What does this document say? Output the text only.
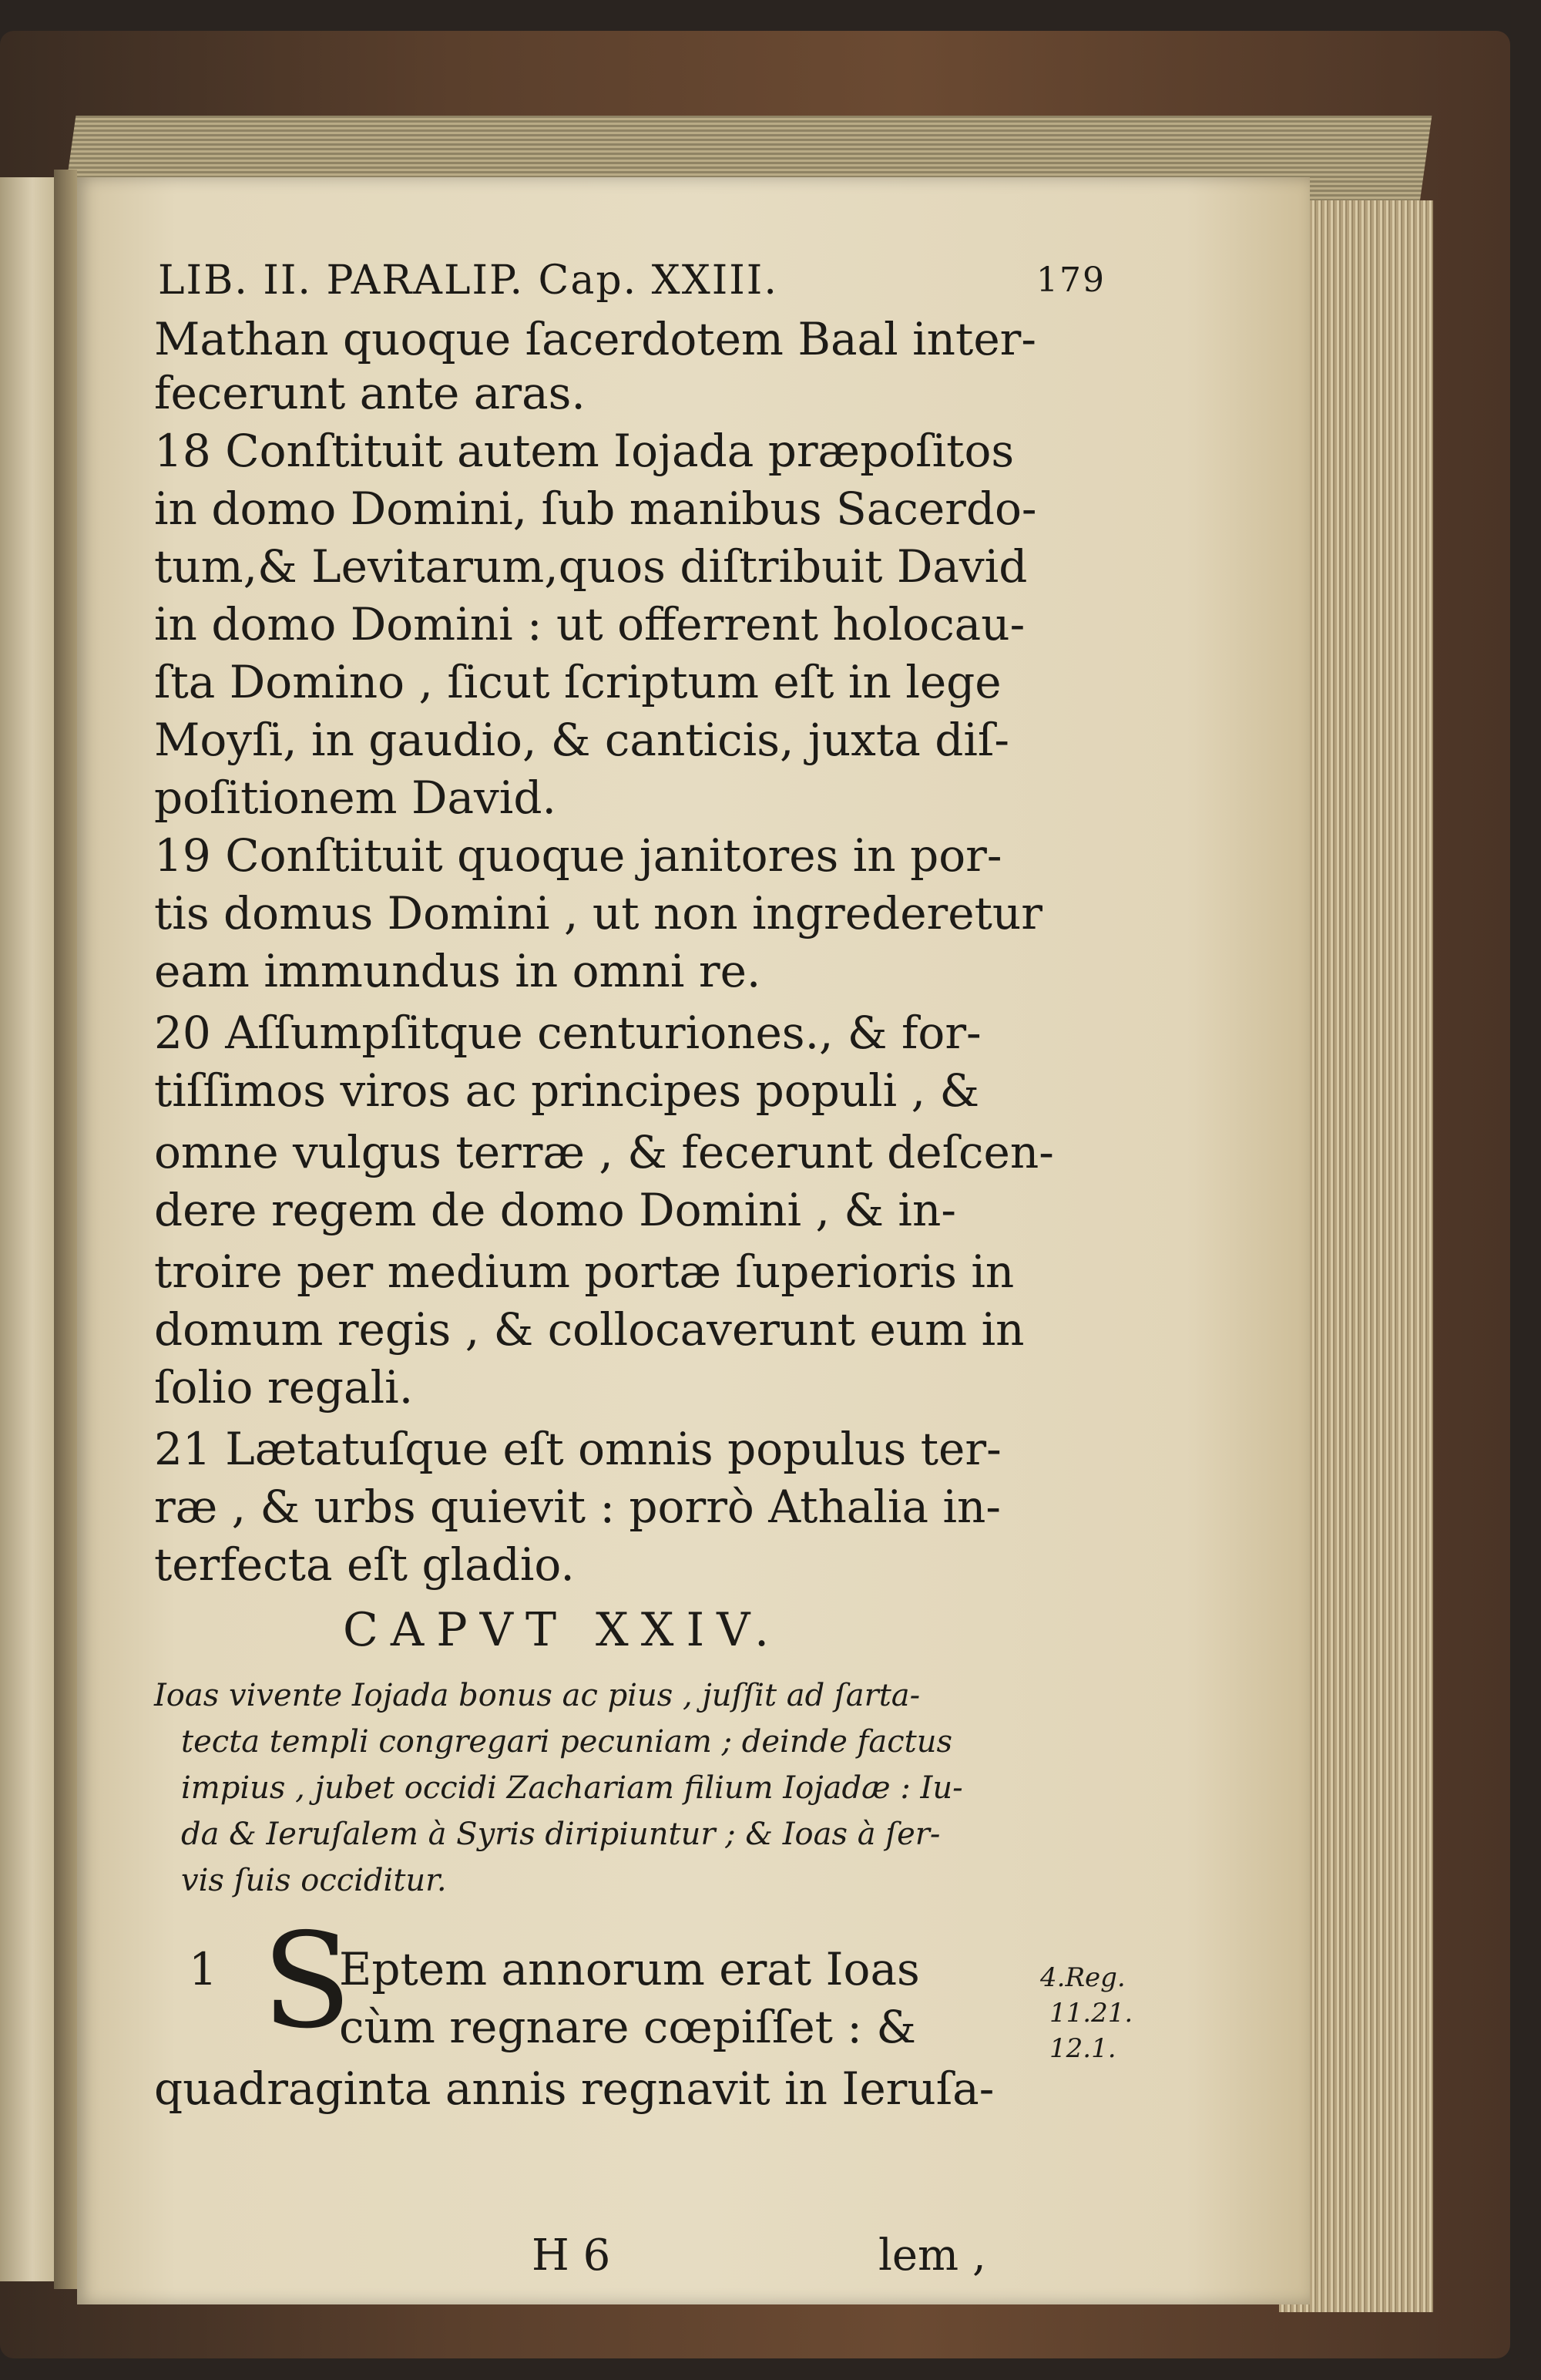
LIB. II. PARALIP. Cap. XXIII.	179
Mathan quoque ſacerdotem Baal inter-
fecerunt ante aras.
18 Conſtituit autem Iojada præpoſitos
in domo Domini, ſub manibus Sacerdo-
tum,& Levitarum,quos diſtribuit David
in domo Domini : ut offerrent holocau-
ſta Domino , ſicut ſcriptum eſt in lege
Moyſi, in gaudio, & canticis, juxta diſ-
poſitionem David.
19 Conſtituit quoque janitores in por-
tis domus Domini , ut non ingrederetur
eam immundus in omni re.
20 Aſſumpſitque centuriones., & for-
tiſſimos viros ac principes populi , &
omne vulgus terræ , & fecerunt deſcen-
dere regem de domo Domini , & in-
troire per medium portæ ſuperioris in
domum regis , & collocaverunt eum in
ſolio regali.
21 Lætatuſque eſt omnis populus ter-
ræ , & urbs quievit : porrò Athalia in-
terfecta eſt gladio.
CAPVT XXIV.
Ioas vivente Iojada bonus ac pius , juſſit ad ſarta-
tecta templi congregari pecuniam ; deinde factus
impius , jubet occidi Zachariam filium Iojadæ : Iu-
da & Ieruſalem à Syris diripiuntur ; & Ioas à ſer-
vis ſuis occiditur.
1 S
Eptem annorum erat Ioas
cùm regnare cœpiſſet : &
quadraginta annis regnavit in Ieruſa-
4.Reg.
11.21.
12.1.
H 6	lem ,
